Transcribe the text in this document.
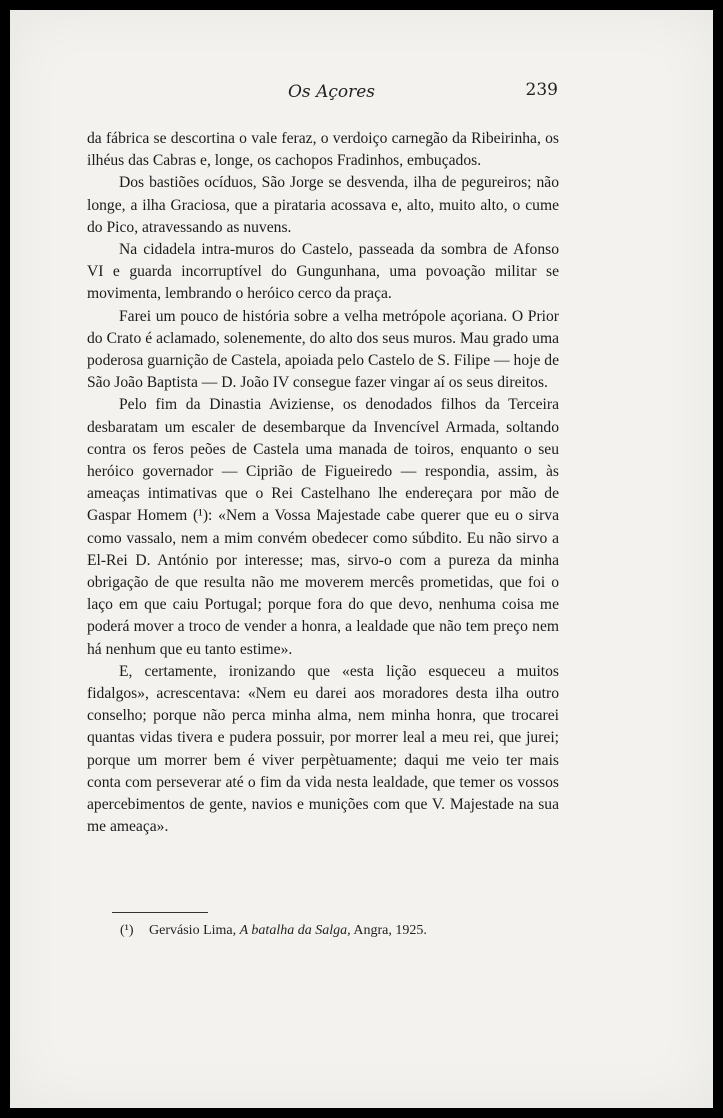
Os Açores	239

da fábrica se descortina o vale feraz, o verdoiço carnegão da Ribeirinha, os ilhéus das Cabras e, longe, os cachopos Fradinhos, embuçados.

Dos bastiões ocíduos, São Jorge se desvenda, ilha de pegureiros; não longe, a ilha Graciosa, que a pirataria acossava e, alto, muito alto, o cume do Pico, atravessando as nuvens.

Na cidadela intra-muros do Castelo, passeada da sombra de Afonso VI e guarda incorruptível do Gungunhana, uma povoação militar se movimenta, lembrando o heróico cerco da praça.

Farei um pouco de história sobre a velha metrópole açoriana. O Prior do Crato é aclamado, solenemente, do alto dos seus muros. Mau grado uma poderosa guarnição de Castela, apoiada pelo Castelo de S. Filipe — hoje de São João Baptista — D. João IV consegue fazer vingar aí os seus direitos.

Pelo fim da Dinastia Aviziense, os denodados filhos da Terceira desbaratam um escaler de desembarque da Invencível Armada, soltando contra os feros peões de Castela uma manada de toiros, enquanto o seu heróico governador — Ciprião de Figueiredo — respondia, assim, às ameaças intimativas que o Rei Castelhano lhe endereçara por mão de Gaspar Homem (¹): «Nem a Vossa Majestade cabe querer que eu o sirva como vassalo, nem a mim convém obedecer como súbdito. Eu não sirvo a El-Rei D. António por interesse; mas, sirvo-o com a pureza da minha obrigação de que resulta não me moverem mercês prometidas, que foi o laço em que caiu Portugal; porque fora do que devo, nenhuma coisa me poderá mover a troco de vender a honra, a lealdade que não tem preço nem há nenhum que eu tanto estime».

E, certamente, ironizando que «esta lição esqueceu a muitos fidalgos», acrescentava: «Nem eu darei aos moradores desta ilha outro conselho; porque não perca minha alma, nem minha honra, que trocarei quantas vidas tivera e pudera possuir, por morrer leal a meu rei, que jurei; porque um morrer bem é viver perpètuamente; daqui me veio ter mais conta com perseverar até o fim da vida nesta lealdade, que temer os vossos apercebimentos de gente, navios e munições com que V. Majestade na sua me ameaça».

(¹) Gervásio Lima, A batalha da Salga, Angra, 1925.
